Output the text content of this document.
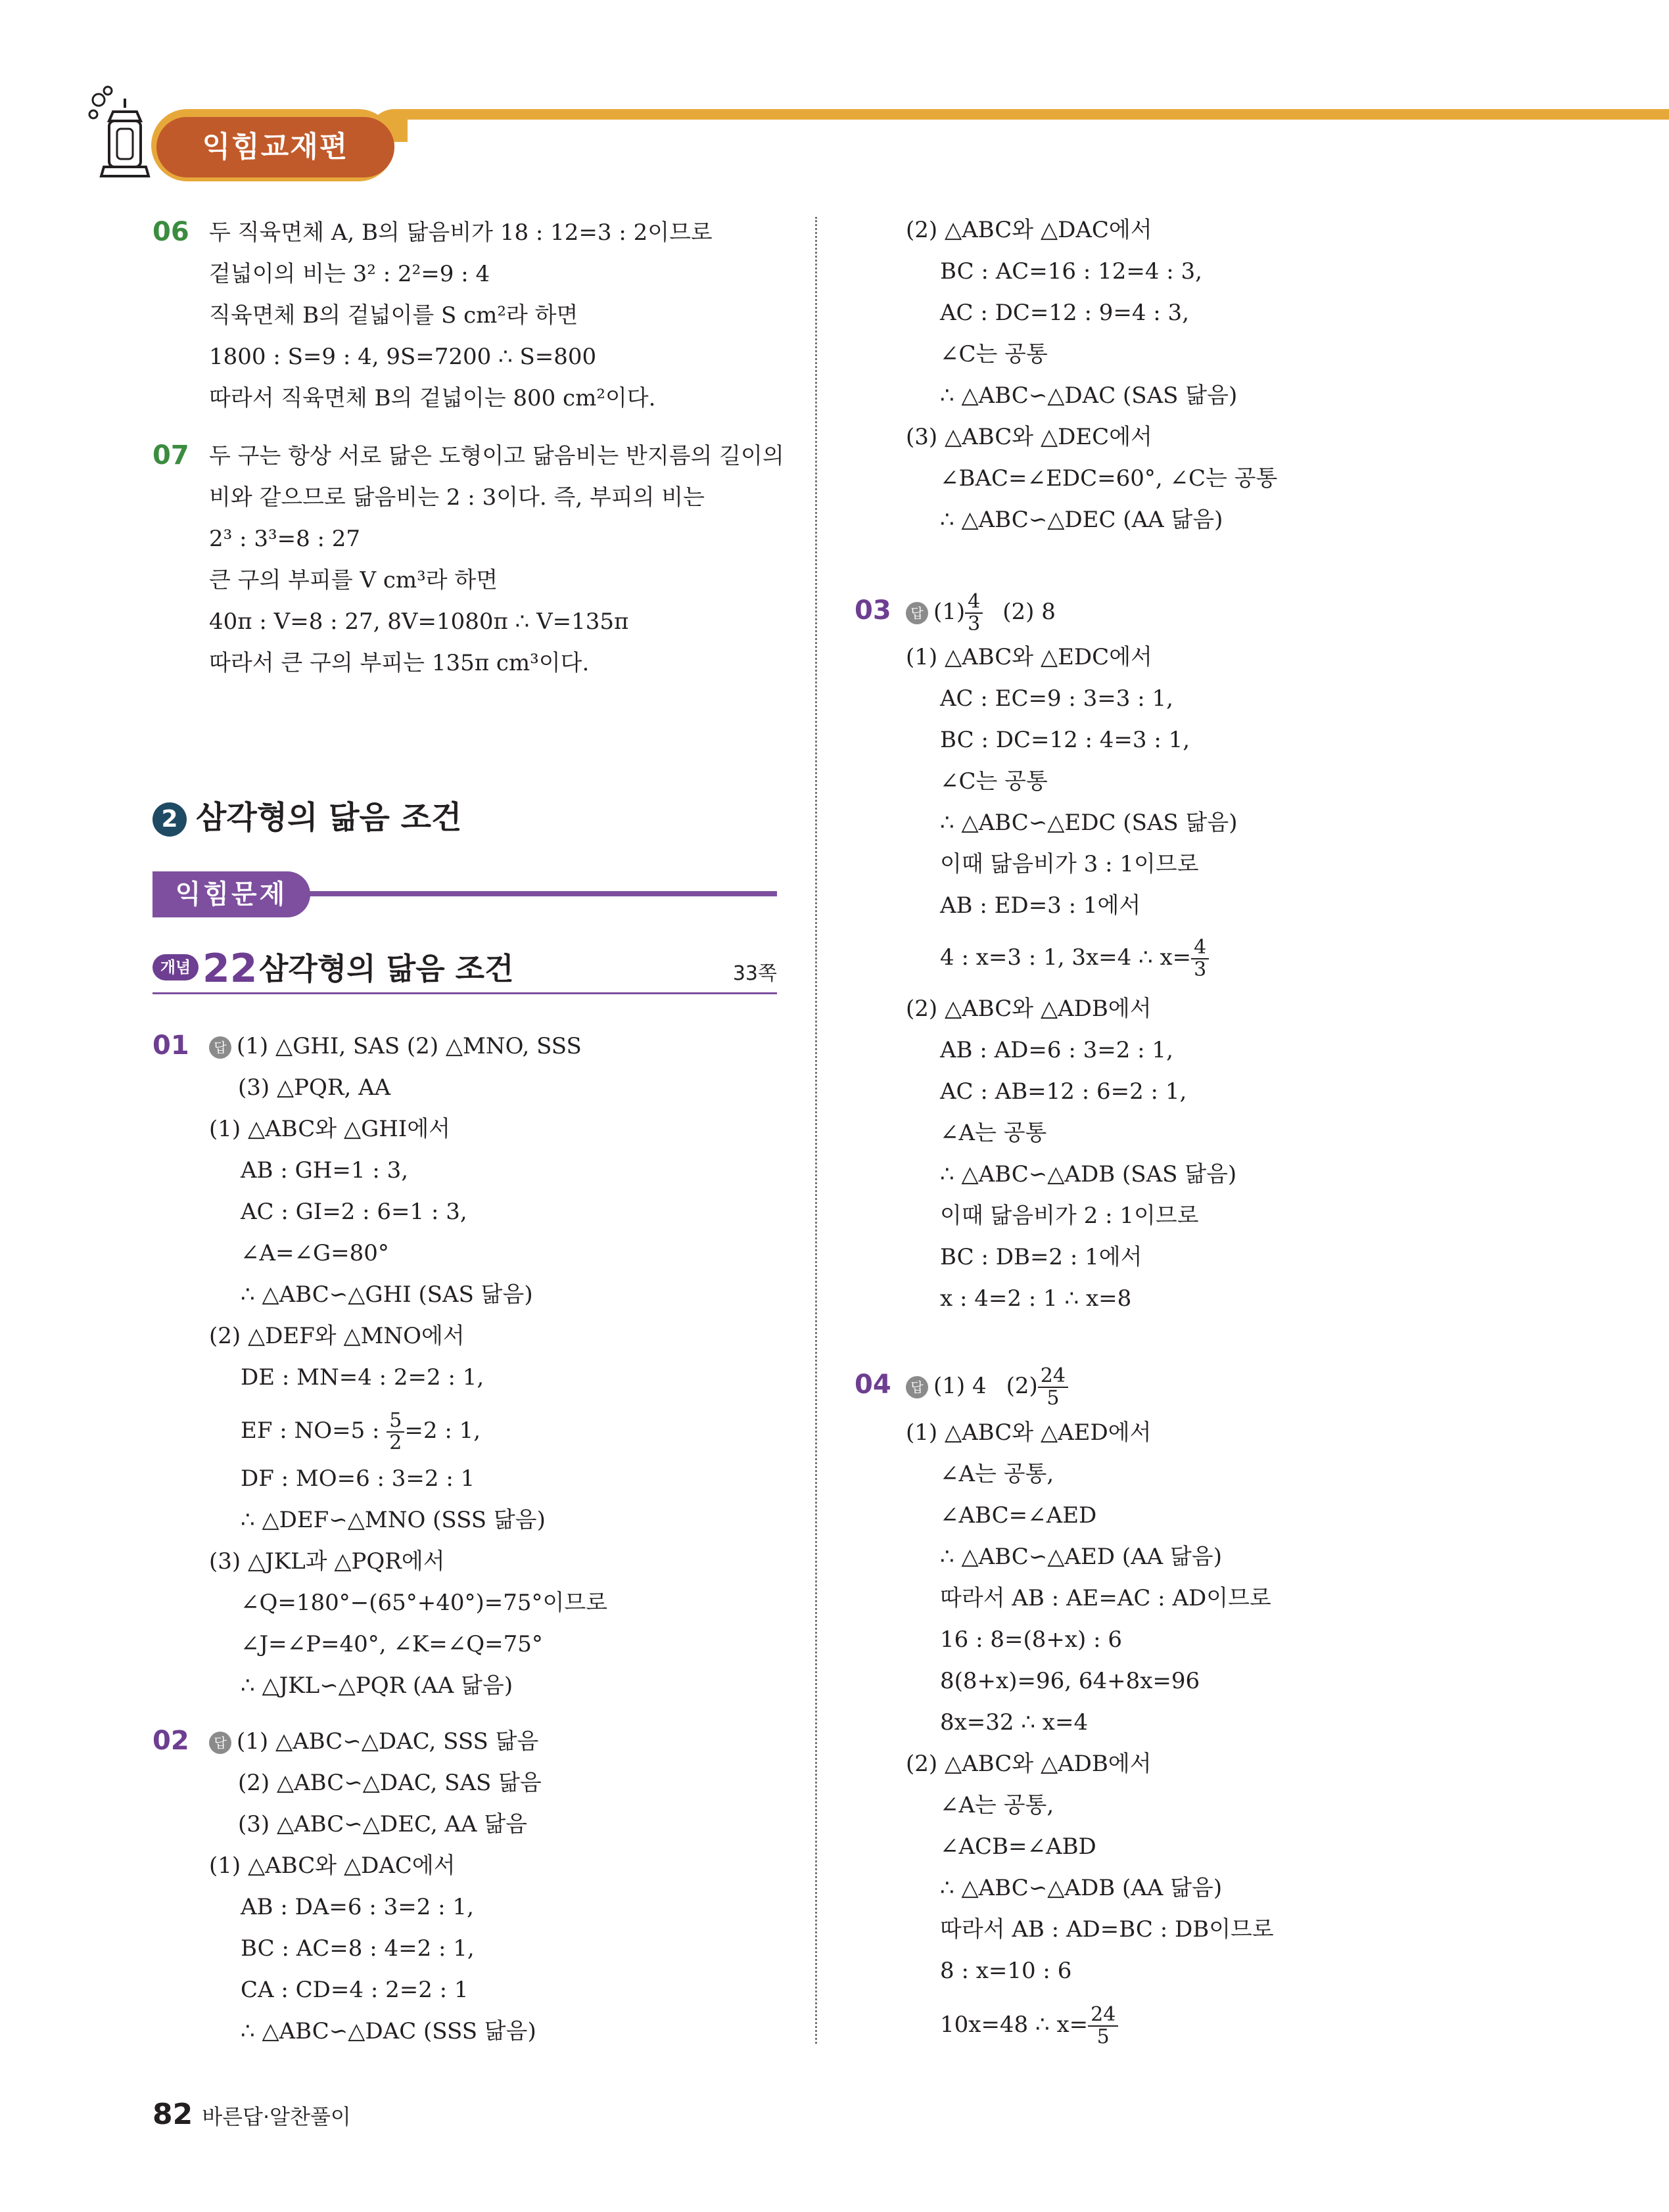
익힘교재편
06 두 직육면체 A, B의 닮음비가 18 : 12=3 : 2이므로
겉넓이의 비는 3² : 2²=9 : 4
직육면체 B의 겉넓이를 S cm²라 하면
1800 : S=9 : 4, 9S=7200 ∴ S=800
따라서 직육면체 B의 겉넓이는 800 cm²이다.
07 두 구는 항상 서로 닮은 도형이고 닮음비는 반지름의 길이의
비와 같으므로 닮음비는 2 : 3이다. 즉, 부피의 비는
2³ : 3³=8 : 27
큰 구의 부피를 V cm³라 하면
40π : V=8 : 27, 8V=1080π ∴ V=135π
따라서 큰 구의 부피는 135π cm³이다.
2 삼각형의 닮음 조건
익힘문제
개념 22 삼각형의 닮음 조건	33쪽
01	답 (1) △GHI, SAS (2) △MNO, SSS
(3) △PQR, AA
(1) △ABC와 △GHI에서
AB : GH=1 : 3,
AC : GI=2 : 6=1 : 3,
∠A=∠G=80°
∴ △ABC∽△GHI (SAS 닮음)
(2) △DEF와 △MNO에서
DE : MN=4 : 2=2 : 1,
EF : NO=5 : $\frac{5}{2} =2$ : 1,
DF : MO=6 : 3=2 : 1
∴ △DEF∽△MNO (SSS 닮음)
(3) △JKL과 △PQR에서
∠Q=180°−(65°+40°)=75°이므로
∠J=∠P=40°, ∠K=∠Q=75°
∴ △JKL∽△PQR (AA 닮음)
02	답 (1) △ABC∽△DAC, SSS 닮음
(2) △ABC∽△DAC, SAS 닮음
(3) △ABC∽△DEC, AA 닮음
(1) △ABC와 △DAC에서
AB : DA=6 : 3=2 : 1,
BC : AC=8 : 4=2 : 1,
CA : CD=4 : 2=2 : 1
∴ △ABC∽△DAC (SSS 닮음)
(2) △ABC와 △DAC에서
BC : AC=16 : 12=4 : 3,
AC : DC=12 : 9=4 : 3,
∠C는 공통
∴ △ABC∽△DAC (SAS 닮음)
(3) △ABC와 △DEC에서
∠BAC=∠EDC=60°, ∠C는 공통
∴ △ABC∽△DEC (AA 닮음)
03	답 $(1) \frac{4}{3} (2)$ 8
(1) △ABC와 △EDC에서
AC : EC=9 : 3=3 : 1,
BC : DC=12 : 4=3 : 1,
∠C는 공통
∴ △ABC∽△EDC (SAS 닮음)
이때 닮음비가 3 : 1이므로
AB : ED=3 : 1에서
4 : x=3 : 1, 3x=4 ∴ $x= \frac{4}{3}$
(2) △ABC와 △ADB에서
AB : AD=6 : 3=2 : 1,
AC : AB=12 : 6=2 : 1,
∠A는 공통
∴ △ABC∽△ADB (SAS 닮음)
이때 닮음비가 2 : 1이므로
BC : DB=2 : 1에서
x : 4=2 : 1 ∴ x=8
04	답 (1) 4 $(2) \frac{24}{5}$
(1) △ABC와 △AED에서
∠A는 공통,
∠ABC=∠AED
∴ △ABC∽△AED (AA 닮음)
따라서 AB : AE=AC : AD이므로
16 : 8=(8+x) : 6
8(8+x)=96, 64+8x=96
8x=32 ∴ x=4
(2) △ABC와 △ADB에서
∠A는 공통,
∠ACB=∠ABD
∴ △ABC∽△ADB (AA 닮음)
따라서 AB : AD=BC : DB이므로
8 : x=10 : 6
10x=48 ∴ $x= \frac{24}{5}$
82 바른답·알찬풀이
